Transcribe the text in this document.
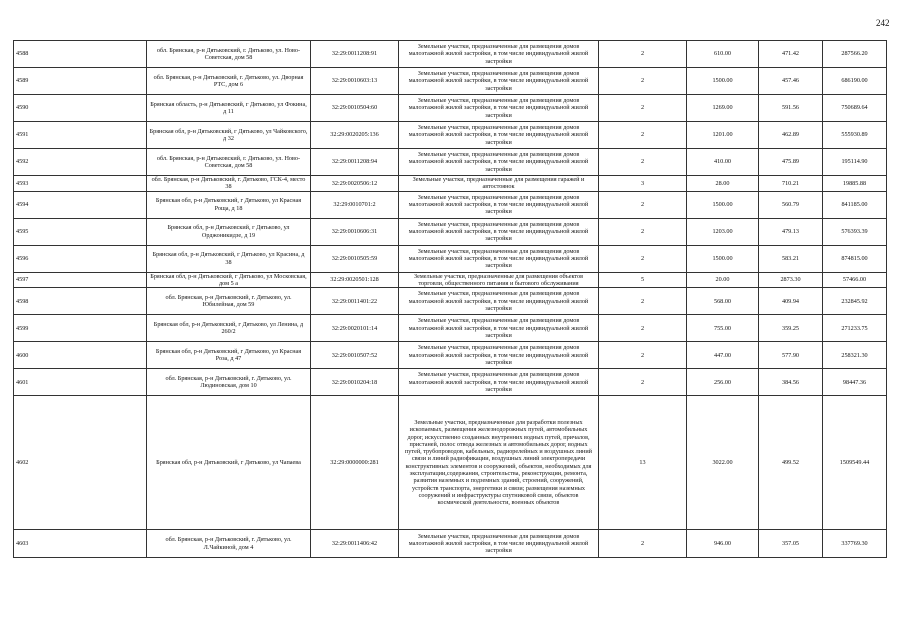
242
4588	обл. Брянская, р-н Дятьковский, г. Дятьково, ул. Ново-Советская, дом 58	32:29:0011208:91	Земельные участки, предназначенные для размещения домов малоэтажной жилой застройки, в том числе индивидуальной жилой застройки	2	610.00	471.42	287566.20
4589	обл. Брянская, р-н Дятьковский, г. Дятьково, ул. Дворная РТС, дом 6	32:29:0010603:13	Земельные участки, предназначенные для размещения домов малоэтажной жилой застройки, в том числе индивидуальной жилой застройки	2	1500.00	457.46	686190.00
4590	Брянская область, р-н Дятьковский, г Дятьково, ул Фокина, д 11	32:29:0010504:60	Земельные участки, предназначенные для размещения домов малоэтажной жилой застройки, в том числе индивидуальной жилой застройки	2	1269.00	591.56	750689.64
4591	Брянская обл, р-н Дятьковский, г Дятьково, ул Чайковского, д 32	32:29:0020205:136	Земельные участки, предназначенные для размещения домов малоэтажной жилой застройки, в том числе индивидуальной жилой застройки	2	1201.00	462.89	555930.89
4592	обл. Брянская, р-н Дятьковский, г. Дятьково, ул. Ново-Советская, дом 58	32:29:0011208:94	Земельные участки, предназначенные для размещения домов малоэтажной жилой застройки, в том числе индивидуальной жилой застройки	2	410.00	475.89	195114.90
4593	обл. Брянская, р-н Дятьковский, г. Дятьково, ГСК-4, место 38	32:29:0020506:12	Земельные участки, предназначенные для размещения гаражей и автостоянок	3	28.00	710.21	19885.88
4594	Брянская обл, р-н Дятьковский, г Дятьково, ул Красная Роща, д 18	32:29:0010701:2	Земельные участки, предназначенные для размещения домов малоэтажной жилой застройки, в том числе индивидуальной жилой застройки	2	1500.00	560.79	841185.00
4595	Брянская обл, р-н Дятьковский, г Дятьково, ул Орджоникидзе, д 19	32:29:0010606:31	Земельные участки, предназначенные для размещения домов малоэтажной жилой застройки, в том числе индивидуальной жилой застройки	2	1203.00	479.13	576393.39
4596	Брянская обл, р-н Дятьковский, г Дятьково, ул Красина, д 38	32:29:0010505:59	Земельные участки, предназначенные для размещения домов малоэтажной жилой застройки, в том числе индивидуальной жилой застройки	2	1500.00	583.21	874815.00
4597	Брянская обл, р-н Дятьковский, г Дятьково, ул Московская, дом 5 а	32:29:0020501:128	Земельные участки, предназначенные для размещения объектов торговли, общественного питания и бытового обслуживания	5	20.00	2873.30	57466.00
4598	обл. Брянская, р-н Дятьковский, г. Дятьково, ул. Юбилейная, дом 59	32:29:0011401:22	Земельные участки, предназначенные для размещения домов малоэтажной жилой застройки, в том числе индивидуальной жилой застройки	2	568.00	409.94	232845.92
4599	Брянская обл, р-н Дятьковский, г Дятьково, ул Ленина, д 260/2	32:29:0020101:14	Земельные участки, предназначенные для размещения домов малоэтажной жилой застройки, в том числе индивидуальной жилой застройки	2	755.00	359.25	271233.75
4600	Брянская обл, р-н Дятьковский, г Дятьково, ул Красная Роза, д 47	32:29:0010507:52	Земельные участки, предназначенные для размещения домов малоэтажной жилой застройки, в том числе индивидуальной жилой застройки	2	447.00	577.90	258321.30
4601	обл. Брянская, р-н Дятьковский, г. Дятьково, ул. Людиновская, дом 10	32:29:0010204:18	Земельные участки, предназначенные для размещения домов малоэтажной жилой застройки, в том числе индивидуальной жилой застройки	2	256.00	384.56	98447.36
4602	Брянская обл, р-н Дятьковский, г Дятьково, ул Чапаева	32:29:0000000:281	Земельные участки, предназначенные для разработки полезных ископаемых, размещения железнодорожных путей, автомобильных дорог, искусственно созданных внутренних водных путей, причалов, пристаней, полос отвода железных и автомобильных дорог, водных путей, трубопроводов, кабельных, радиорелейных и воздушных линий связи и линий радиофикации, воздушных линий электропередачи конструктивных элементов и сооружений, объектов, необходимых для эксплуатации,содержания, строительства, реконструкции, ремонта, развития наземных и подземных зданий, строений, сооружений, устройств транспорта, энергетики и связи; размещения наземных сооружений и инфраструктуры спутниковой связи, объектов космической деятельности, военных объектов	13	3022.00	499.52	1509549.44
4603	обл. Брянская, р-н Дятьковский, г. Дятьково, ул. Л.Чайкиной, дом 4	32:29:0011406:42	Земельные участки, предназначенные для размещения домов малоэтажной жилой застройки, в том числе индивидуальной жилой застройки	2	946.00	357.05	337769.30
